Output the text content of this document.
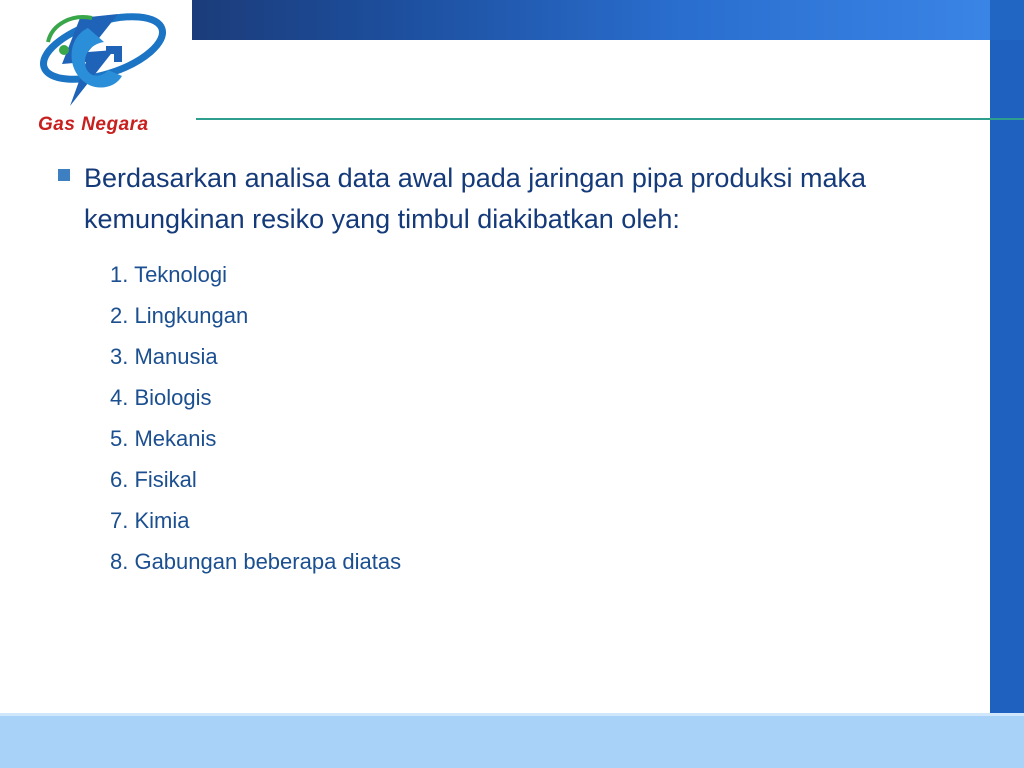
Gas Negara
Berdasarkan analisa data awal pada jaringan pipa produksi maka kemungkinan resiko yang timbul diakibatkan oleh:
1. Teknologi
2. Lingkungan
3. Manusia
4. Biologis
5. Mekanis
6. Fisikal
7. Kimia
8. Gabungan beberapa diatas
